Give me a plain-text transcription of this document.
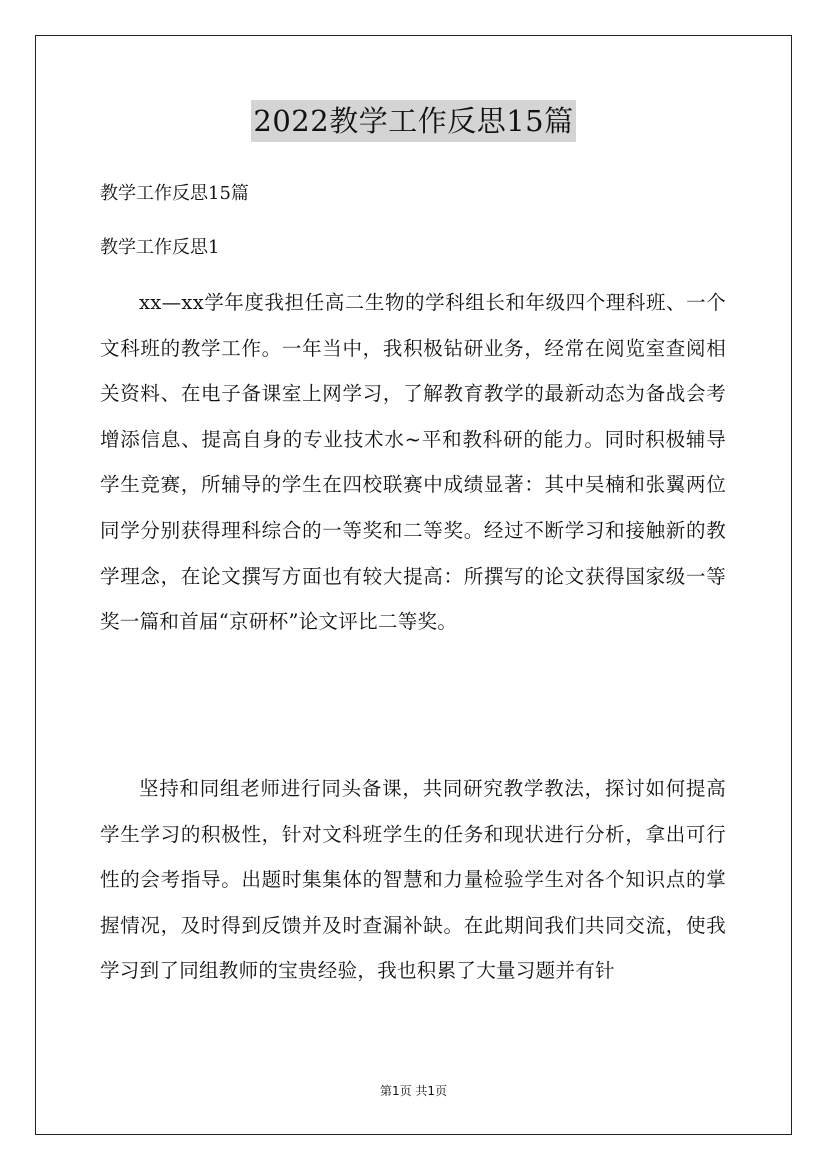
2022教学工作反思15篇
教学工作反思15篇
教学工作反思1
xx—xx学年度我担任高二生物的学科组长和年级四个理科班、一个文科班的教学工作。一年当中，我积极钻研业务，经常在阅览室查阅相关资料、在电子备课室上网学习，了解教育教学的最新动态为备战会考增添信息、提高自身的专业技术水~平和教科研的能力。同时积极辅导学生竞赛，所辅导的学生在四校联赛中成绩显著：其中吴楠和张翼两位同学分别获得理科综合的一等奖和二等奖。经过不断学习和接触新的教学理念，在论文撰写方面也有较大提高：所撰写的论文获得国家级一等奖一篇和首届“京研杯”论文评比二等奖。
坚持和同组老师进行同头备课，共同研究教学教法，探讨如何提高学生学习的积极性，针对文科班学生的任务和现状进行分析，拿出可行性的会考指导。出题时集集体的智慧和力量检验学生对各个知识点的掌握情况，及时得到反馈并及时查漏补缺。在此期间我们共同交流，使我学习到了同组教师的宝贵经验，我也积累了大量习题并有针
第1页 共1页
